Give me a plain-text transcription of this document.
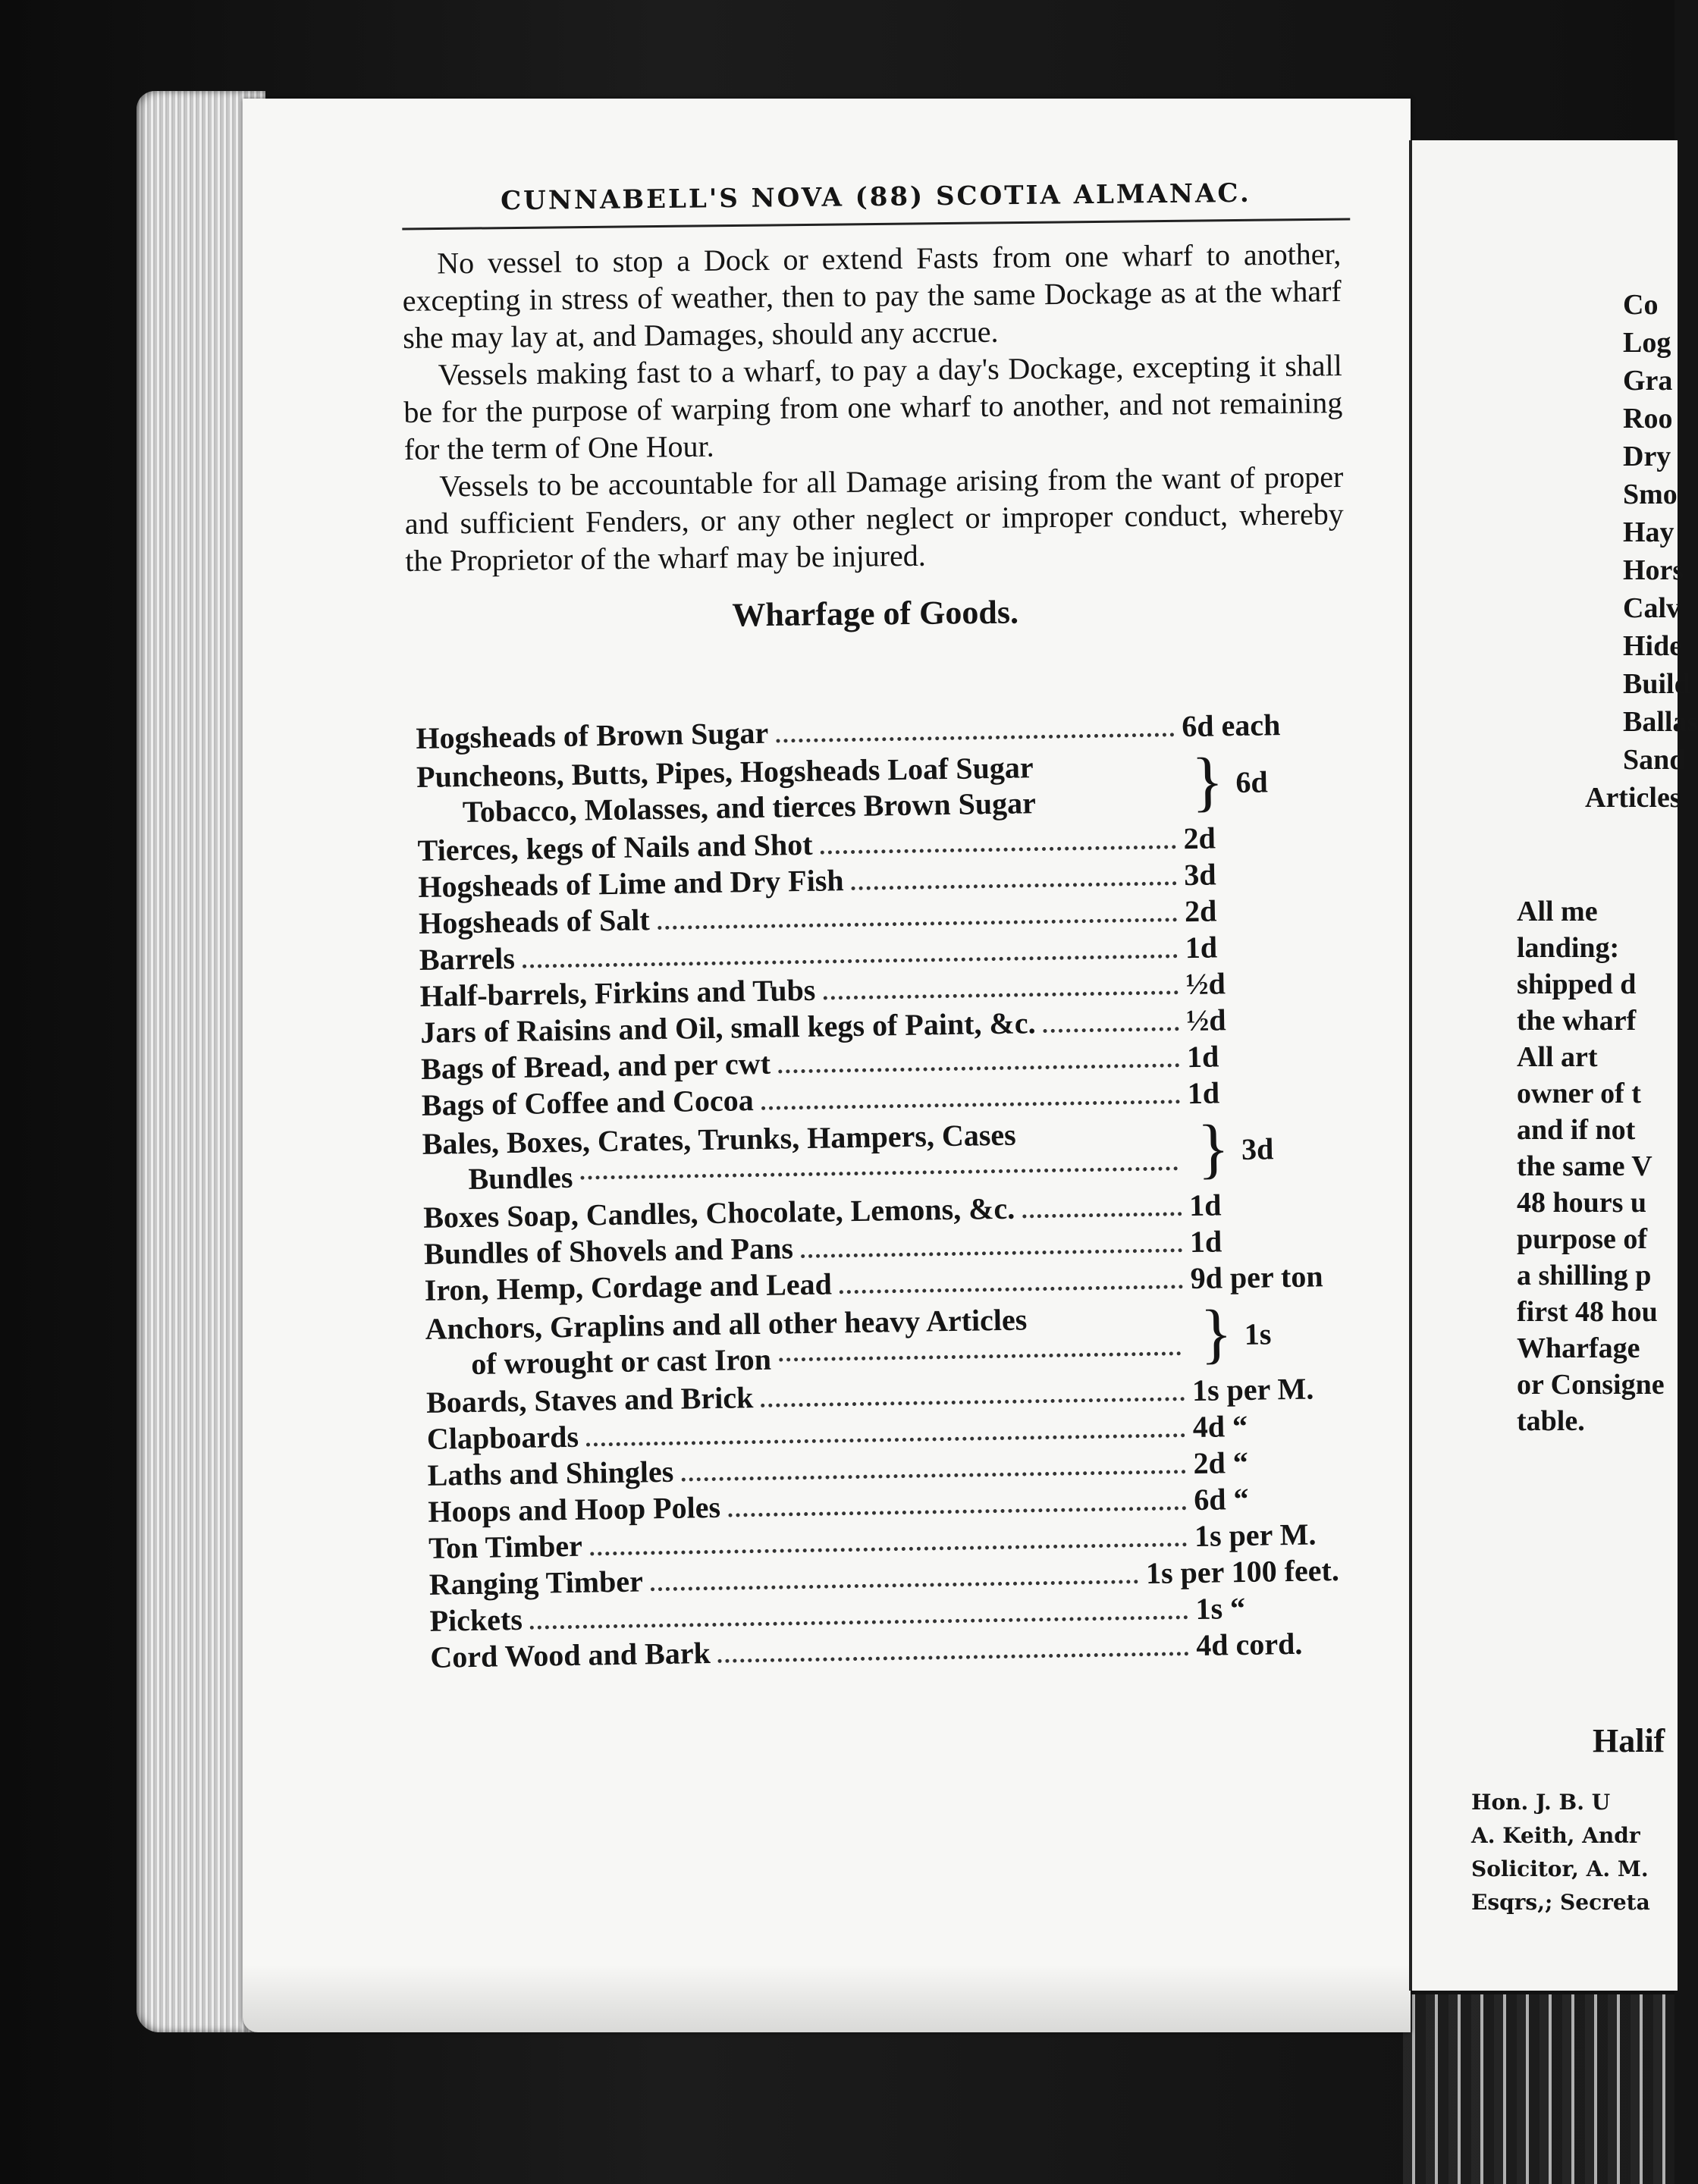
CUNNABELL'S NOVA (88) SCOTIA ALMANAC.

No vessel to stop a Dock or extend Fasts from one wharf to another, excepting in stress of weather, then to pay the same Dockage as at the wharf she may lay at, and Damages, should any accrue.

Vessels making fast to a wharf, to pay a day's Dockage, excepting it shall be for the purpose of warping from one wharf to another, and not remaining for the term of One Hour.

Vessels to be accountable for all Damage arising from the want of proper and sufficient Fenders, or any other neglect or improper conduct, whereby the Proprietor of the wharf may be injured.

Wharfage of Goods.
Hogsheads of Brown Sugar	6d each
Puncheons, Butts, Pipes, Hogsheads Loaf Sugar
Tobacco, Molasses, and tierces Brown Sugar	} 6d
Tierces, kegs of Nails and Shot	2d
Hogsheads of Lime and Dry Fish	3d
Hogsheads of Salt	2d
Barrels	1d
Half-barrels, Firkins and Tubs	½d
Jars of Raisins and Oil, small kegs of Paint, &c.	½d
Bags of Bread, and per cwt	1d
Bags of Coffee and Cocoa	1d
Bales, Boxes, Crates, Trunks, Hampers, Cases
Bundles	} 3d
Boxes Soap, Candles, Chocolate, Lemons, &c.	1d
Bundles of Shovels and Pans	1d
Iron, Hemp, Cordage and Lead	9d per ton
Anchors, Graplins and all other heavy Articles
of wrought or cast Iron	} 1s
Boards, Staves and Brick	1s per M.
Clapboards	4d “
Laths and Shingles	2d “
Hoops and Hoop Poles	6d “
Ton Timber	1s per M.
Ranging Timber	1s per 100 feet.
Pickets	1s “
Cord Wood and Bark	4d cord.
Co
Log
Gra
Roo
Dry
Smo
Hay
Hors
Calv
Hide
Build
Ballas
Sand
Articles
All me
landing:
shipped d
the wharf
All art
owner of t
and if not
the same V
48 hours u
purpose of
a shilling p
first 48 hou
Wharfage
or Consigne
table.
Halif
Hon. J. B. U
A. Keith, Andr
Solicitor, A. M.
Esqrs,; Secreta
